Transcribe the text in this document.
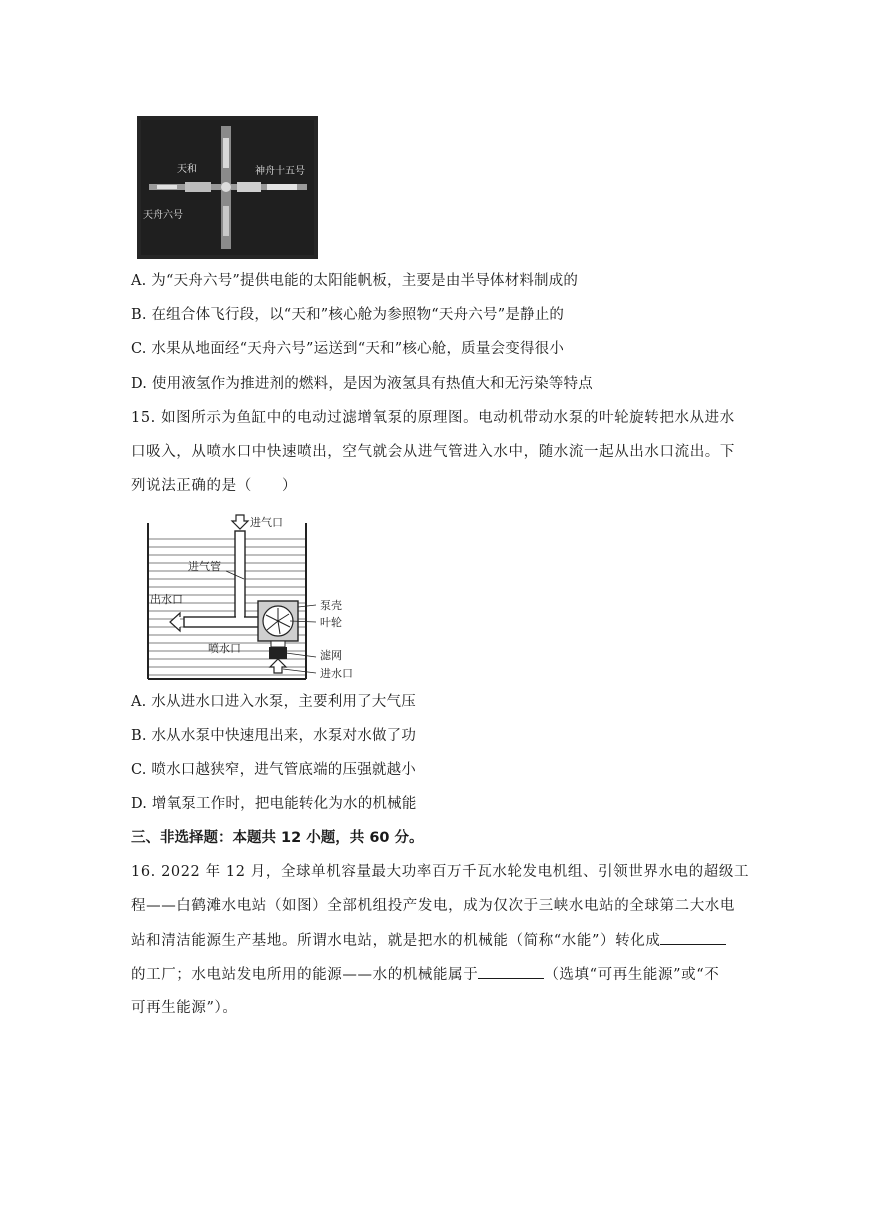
天和	神舟十五号
天舟六号
A. 为“天舟六号”提供电能的太阳能帆板，主要是由半导体材料制成的
B. 在组合体飞行段，以“天和”核心舱为参照物“天舟六号”是静止的
C. 水果从地面经“天舟六号”运送到“天和”核心舱，质量会变得很小
D. 使用液氢作为推进剂的燃料，是因为液氢具有热值大和无污染等特点
15. 如图所示为鱼缸中的电动过滤增氧泵的原理图。电动机带动水泵的叶轮旋转把水从进水
口吸入，从喷水口中快速喷出，空气就会从进气管进入水中，随水流一起从出水口流出。下
列说法正确的是（　　）
进气口
进气管
出水口	泵壳
叶轮
喷水口
滤网
进水口
A. 水从进水口进入水泵，主要利用了大气压
B. 水从水泵中快速甩出来，水泵对水做了功
C. 喷水口越狭窄，进气管底端的压强就越小
D. 增氧泵工作时，把电能转化为水的机械能
三、非选择题：本题共 12 小题，共 60 分。
16. 2022 年 12 月，全球单机容量最大功率百万千瓦水轮发电机组、引领世界水电的超级工
程——白鹤滩水电站（如图）全部机组投产发电，成为仅次于三峡水电站的全球第二大水电
站和清洁能源生产基地。所谓水电站，就是把水的机械能（简称“水能”）转化成
的工厂；水电站发电所用的能源——水的机械能属于	（选填“可再生能源”或“不
可再生能源”）。
